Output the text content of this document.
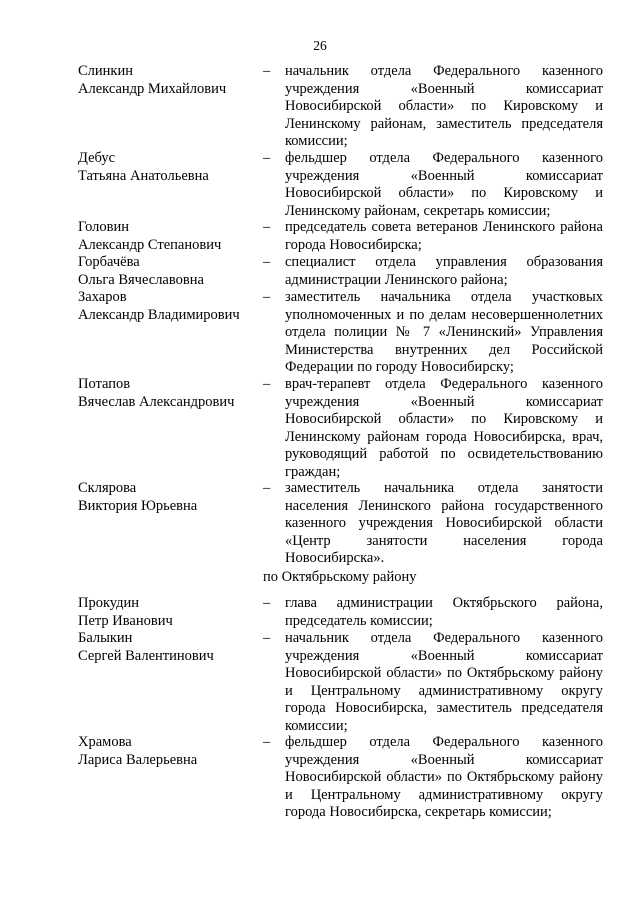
26
Слинкин
Александр Михайлович
– начальник отдела Федерального казенного учреждения «Военный комиссариат Новосибирской области» по Кировскому и Ленинскому районам, заместитель председателя комиссии;
Дебус
Татьяна Анатольевна
– фельдшер отдела Федерального казенного учреждения «Военный комиссариат Новосибирской области» по Кировскому и Ленинскому районам, секретарь комиссии;
Головин
Александр Степанович
– председатель совета ветеранов Ленинского района города Новосибирска;
Горбачёва
Ольга Вячеславовна
– специалист отдела управления образования администрации Ленинского района;
Захаров
Александр Владимирович
– заместитель начальника отдела участковых уполномоченных и по делам несовершеннолетних отдела полиции № 7 «Ленинский» Управления Министерства внутренних дел Российской Федерации по городу Новосибирску;
Потапов
Вячеслав Александрович
– врач-терапевт отдела Федерального казенного учреждения «Военный комиссариат Новосибирской области» по Кировскому и Ленинскому районам города Новосибирска, врач, руководящий работой по освидетельствованию граждан;
Склярова
Виктория Юрьевна
– заместитель начальника отдела занятости населения Ленинского района государственного казенного учреждения Новосибирской области «Центр занятости населения города Новосибирска».
по Октябрьскому району
Прокудин
Петр Иванович
– глава администрации Октябрьского района, председатель комиссии;
Балыкин
Сергей Валентинович
– начальник отдела Федерального казенного учреждения «Военный комиссариат Новосибирской области» по Октябрьскому району и Центральному административному округу города Новосибирска, заместитель председателя комиссии;
Храмова
Лариса Валерьевна
– фельдшер отдела Федерального казенного учреждения «Военный комиссариат Новосибирской области» по Октябрьскому району и Центральному административному округу города Новосибирска, секретарь комиссии;
